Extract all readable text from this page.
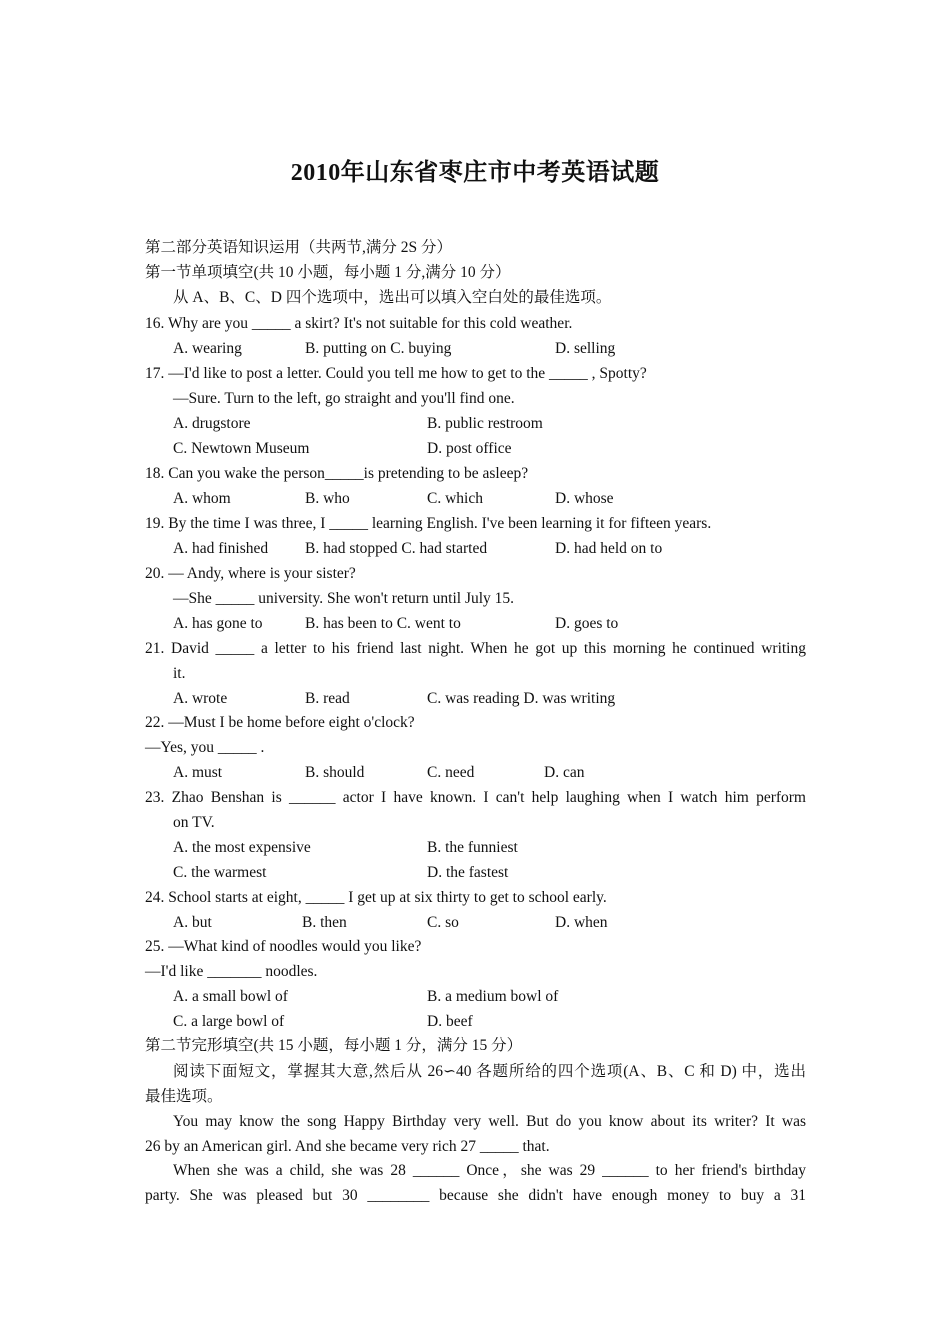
2010年山东省枣庄市中考英语试题
第二部分英语知识运用（共两节,满分 2S 分）
第一节单项填空(共 10 小题，每小题 1 分,满分 10 分）
从 A、B、C、D 四个选项中，选出可以填入空白处的最佳选项。
16. Why are you _____ a skirt? It's not suitable for this cold weather.
A. wearing	B. putting on C. buying	D. selling
17. —I'd like to post a letter. Could you tell me how to get to the _____ , Spotty?
—Sure. Turn to the left, go straight and you'll find one.
A. drugstore	B. public restroom
C. Newtown Museum	D. post office
18. Can you wake the person_____is pretending to be asleep?
A. whom	B. who	C. which	D. whose
19. By the time I was three, I _____ learning English. I've been learning it for fifteen years.
A. had finished B. had stopped C. had started	D. had held on to
20. — Andy, where is your sister?
—She _____ university. She won't return until July 15.
A. has gone to	B. has been to C. went to	D. goes to
21. David _____ a letter to his friend last night. When he got up this morning he continued writing
it.
A. wrote	B. read	C. was reading D. was writing
22. —Must I be home before eight o'clock?
—Yes, you _____ .
A. must	B. should	C. need	D. can
23. Zhao Benshan is ______ actor I have known. I can't help laughing when I watch him perform
on TV.
A. the most expensive	B. the funniest
C. the warmest	D. the fastest
24. School starts at eight, _____ I get up at six thirty to get to school early.
A. but	B. then	C. so	D. when
25. —What kind of noodles would you like?
—I'd like _______ noodles.
A. a small bowl of	B. a medium bowl of
C. a large bowl of	D. beef
第二节完形填空(共 15 小题，每小题 1 分，满分 15 分）
阅读下面短文，掌握其大意,然后从 26∽40 各题所给的四个选项(A、B、C 和 D) 中，选出
最佳选项。
You may know the song Happy Birthday very well. But do you know about its writer? It was
26 by an American girl. And she became very rich 27 _____ that.
When she was a child, she was 28 ______ Once，she was 29 ______ to her friend's birthday
party. She was pleased but 30 ________ because she didn't have enough money to buy a 31
